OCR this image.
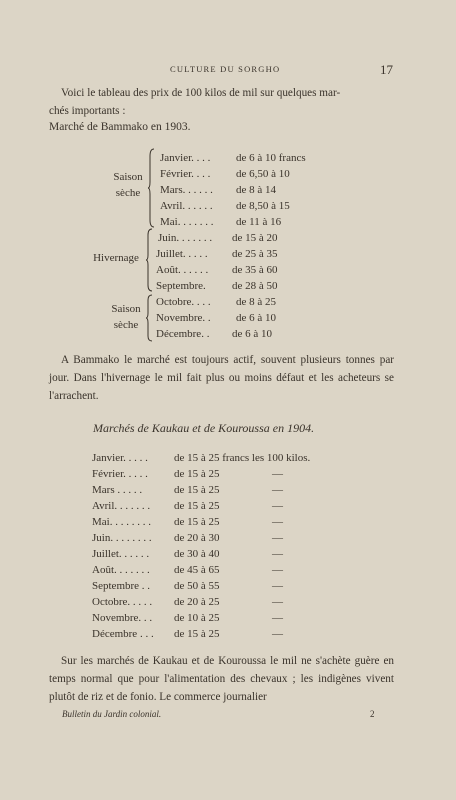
CULTURE DU SORGHO	17
Voici le tableau des prix de 100 kilos de mil sur quelques mar-
chés importants :
Marché de Bammako en 1903.
Saison
sèche
Hivernage
Saison
sèche
Janvier. . . . de 6 à 10 francs
Février. . . . de 6,50 à 10
Mars. . . . . . de 8 à 14
Avril. . . . . . de 8,50 à 15
Mai. . . . . . . de 11 à 16
Juin. . . . . . . de 15 à 20
Juillet. . . . . de 25 à 35
Août. . . . . . de 35 à 60
Septembre. de 28 à 50
Octobre. . . . de 8 à 25
Novembre. . de 6 à 10
Décembre. . de 6 à 10
A Bammako le marché est toujours actif, souvent plusieurs tonnes par jour. Dans l'hivernage le mil fait plus ou moins défaut et les acheteurs se l'arrachent.
Marchés de Kaukau et de Kouroussa en 1904.
Janvier. . . . . de 15 à 25 francs les 100 kilos.
Février. . . . . de 15 à 25	—
Mars . . . . .	de 15 à 25	—
Avril. . . . . . . de 15 à 25	—
Mai. . . . . . . . de 15 à 25	—
Juin. . . . . . . . de 20 à 30	—
Juillet. . . . . . de 30 à 40	—
Août. . . . . . . de 45 à 65	—
Septembre . . de 50 à 55	—
Octobre. . . . . de 20 à 25	—
Novembre. . . de 10 à 25	—
Décembre . . . de 15 à 25	—
Sur les marchés de Kaukau et de Kouroussa le mil ne s'achète guère en temps normal que pour l'alimentation des chevaux ; les indigènes vivent plutôt de riz et de fonio. Le commerce journalier
Bulletin du Jardin colonial.	2
